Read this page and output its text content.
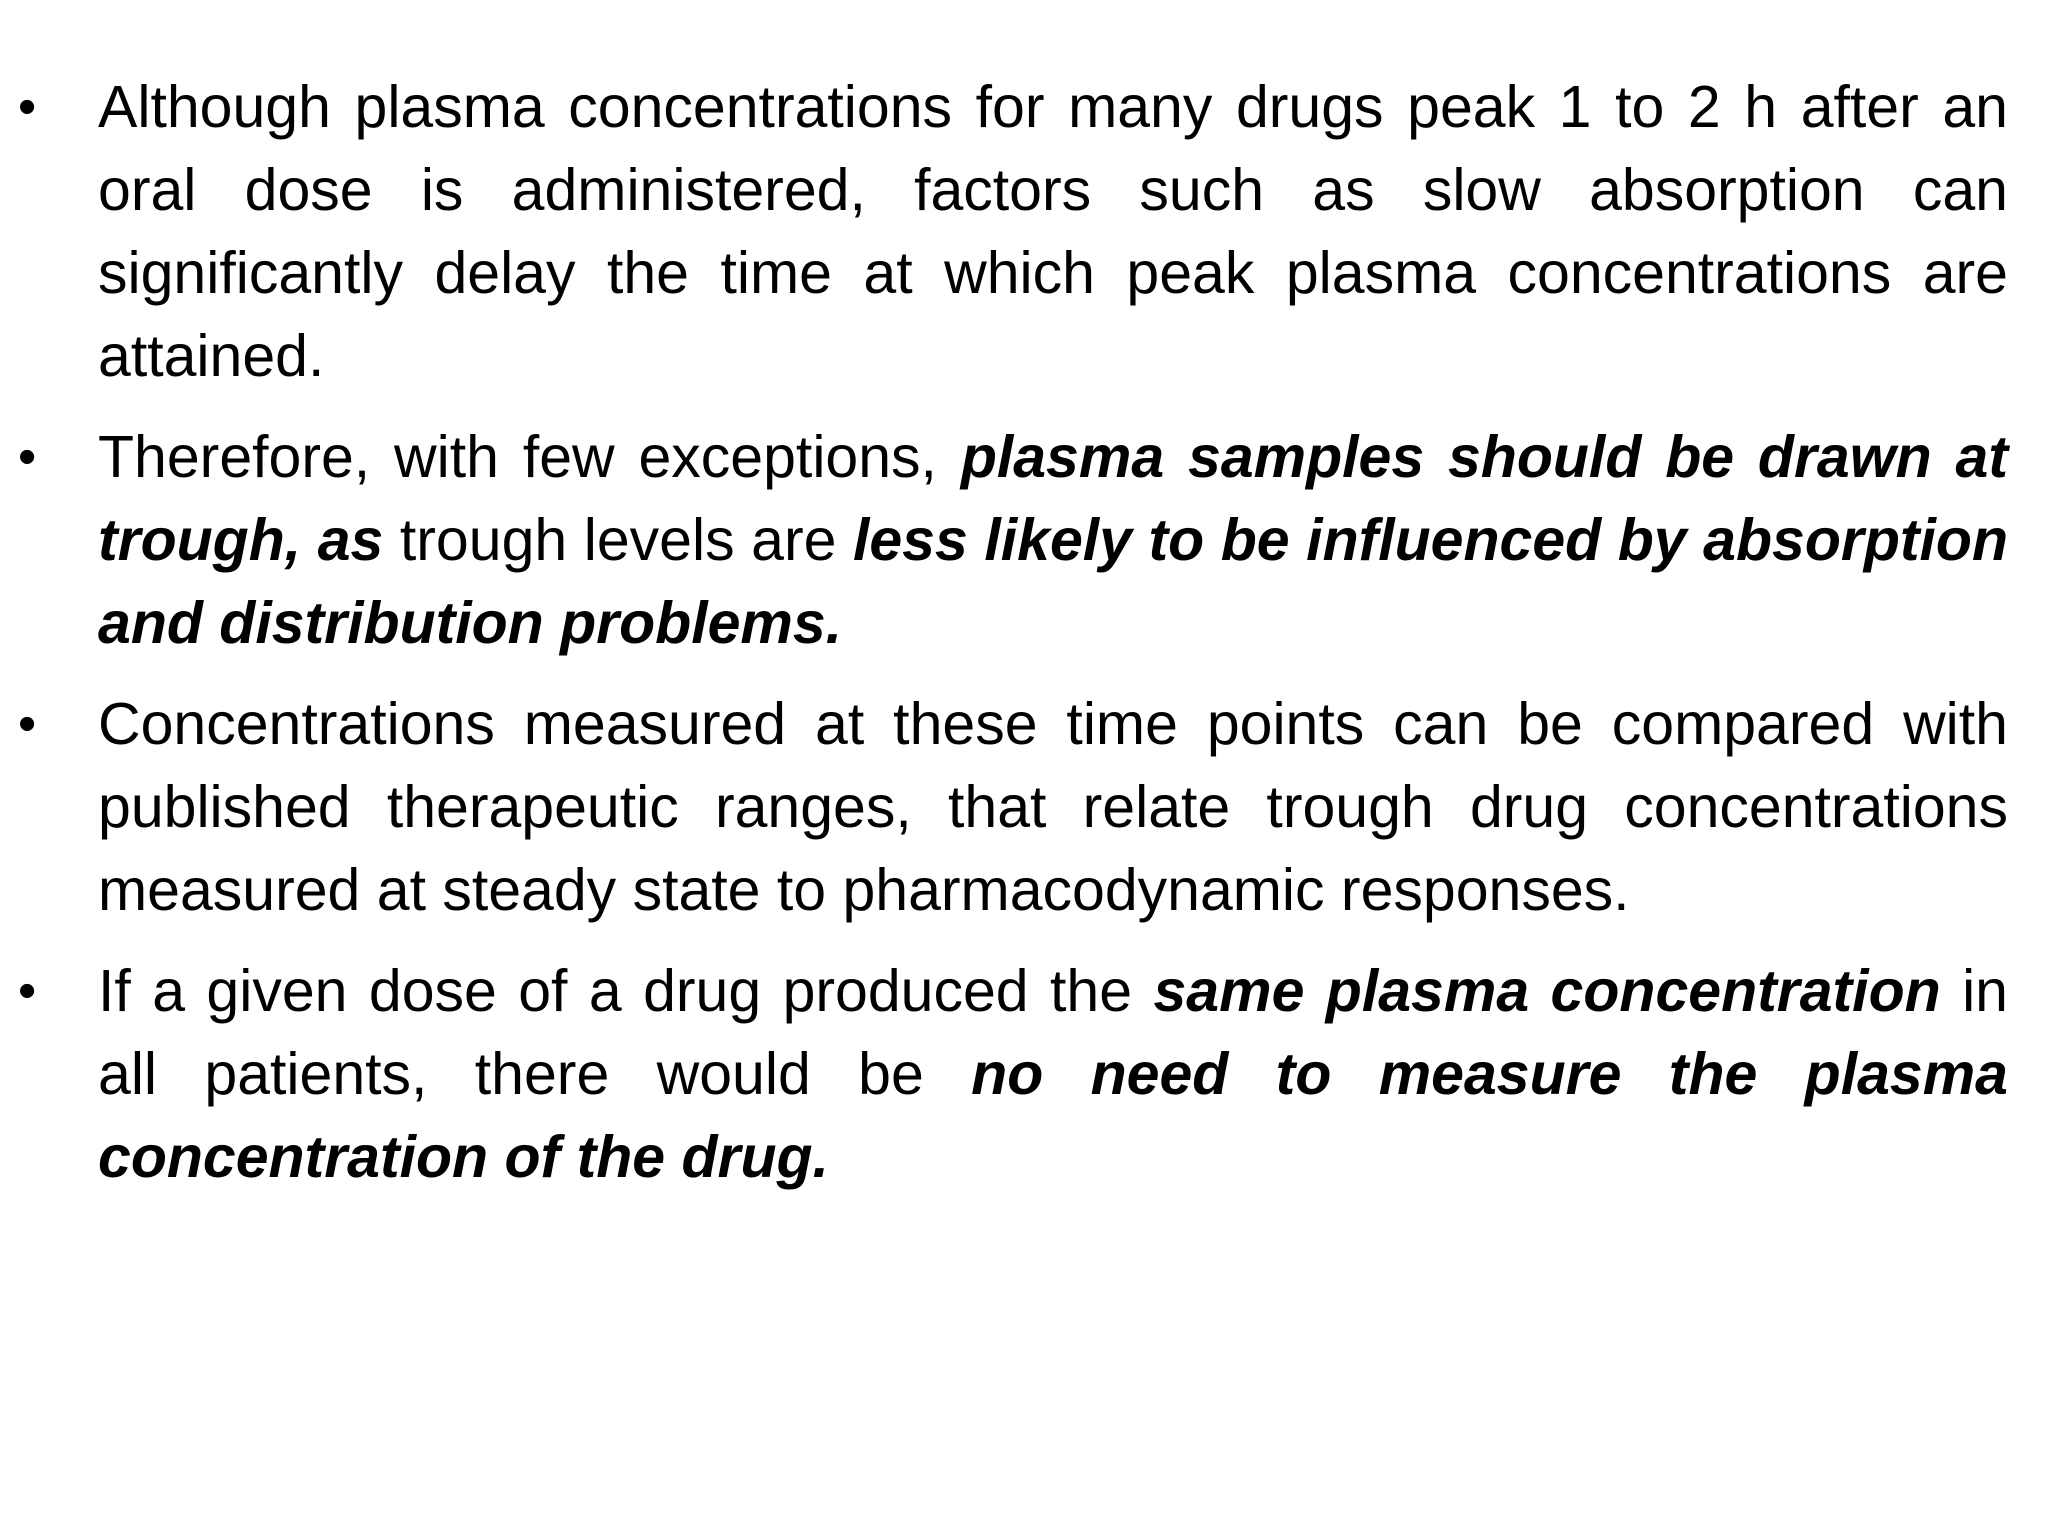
•	Although plasma concentrations for many drugs peak 1 to 2 h after an oral dose is administered, factors such as slow absorption can significantly delay the time at which peak plasma concentrations are attained.
•	Therefore, with few exceptions, plasma samples should be drawn at trough, as trough levels are less likely to be influenced by absorption and distribution problems.
•	Concentrations measured at these time points can be compared with published therapeutic ranges, that relate trough drug concentrations measured at steady state to pharmacodynamic responses.
•	If a given dose of a drug produced the same plasma concentration in all patients, there would be no need to measure the plasma concentration of the drug.
